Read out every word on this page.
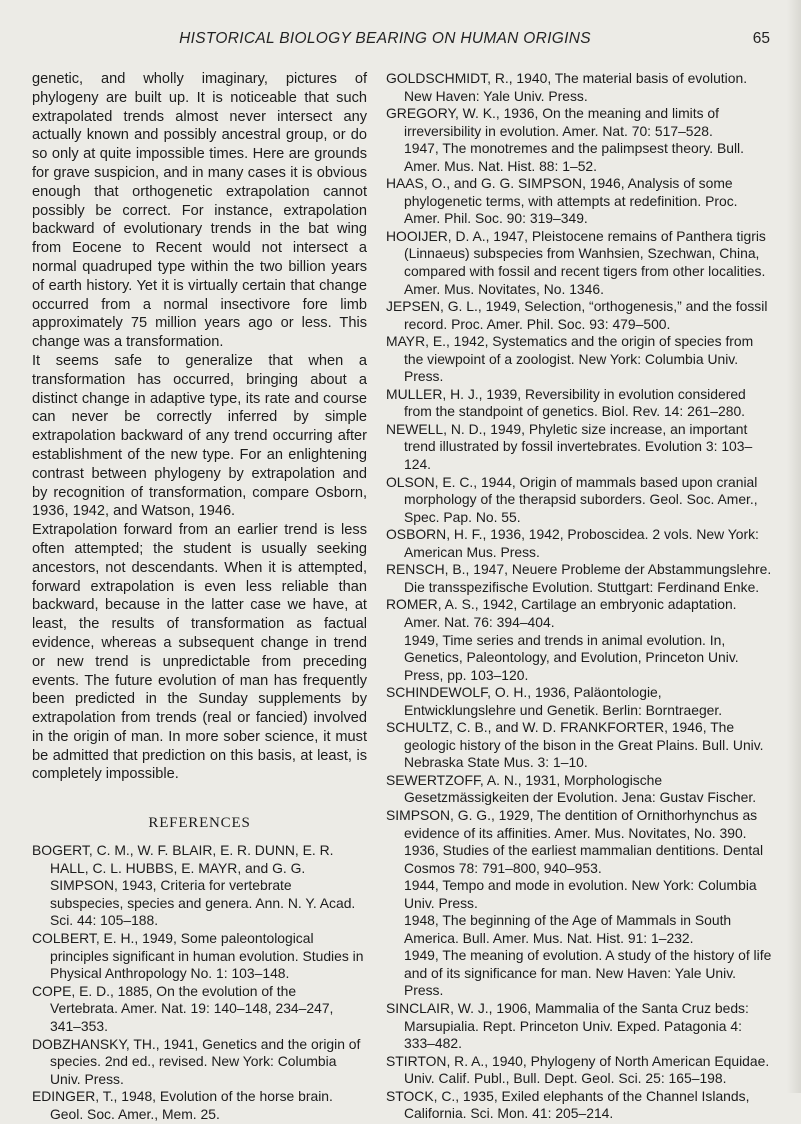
HISTORICAL BIOLOGY BEARING ON HUMAN ORIGINS	65

genetic, and wholly imaginary, pictures of phylogeny are built up. It is noticeable that such extrapolated trends almost never intersect any actually known and possibly ancestral group, or do so only at quite impossible times. Here are grounds for grave suspicion, and in many cases it is obvious enough that orthogenetic extrapolation cannot possibly be correct. For instance, extrapolation backward of evolutionary trends in the bat wing from Eocene to Recent would not intersect a normal quadruped type within the two billion years of earth history. Yet it is virtually certain that change occurred from a normal insectivore fore limb approximately 75 million years ago or less. This change was a transformation.

It seems safe to generalize that when a transformation has occurred, bringing about a distinct change in adaptive type, its rate and course can never be correctly inferred by simple extrapolation backward of any trend occurring after establishment of the new type. For an enlightening contrast between phylogeny by extrapolation and by recognition of transformation, compare Osborn, 1936, 1942, and Watson, 1946.

Extrapolation forward from an earlier trend is less often attempted; the student is usually seeking ancestors, not descendants. When it is attempted, forward extrapolation is even less reliable than backward, because in the latter case we have, at least, the results of transformation as factual evidence, whereas a subsequent change in trend or new trend is unpredictable from preceding events. The future evolution of man has frequently been predicted in the Sunday supplements by extrapolation from trends (real or fancied) involved in the origin of man. In more sober science, it must be admitted that prediction on this basis, at least, is completely impossible.

REFERENCES

BOGERT, C. M., W. F. BLAIR, E. R. DUNN, E. R. HALL, C. L. HUBBS, E. MAYR, and G. G. SIMPSON, 1943, Criteria for vertebrate subspecies, species and genera. Ann. N. Y. Acad. Sci. 44: 105–188.

COLBERT, E. H., 1949, Some paleontological principles significant in human evolution. Studies in Physical Anthropology No. 1: 103–148.

COPE, E. D., 1885, On the evolution of the Vertebrata. Amer. Nat. 19: 140–148, 234–247, 341–353.

DOBZHANSKY, TH., 1941, Genetics and the origin of species. 2nd ed., revised. New York: Columbia Univ. Press.

EDINGER, T., 1948, Evolution of the horse brain. Geol. Soc. Amer., Mem. 25.

GOLDSCHMIDT, R., 1940, The material basis of evolution. New Haven: Yale Univ. Press.

GREGORY, W. K., 1936, On the meaning and limits of irreversibility in evolution. Amer. Nat. 70: 517–528.

1947, The monotremes and the palimpsest theory. Bull. Amer. Mus. Nat. Hist. 88: 1–52.

HAAS, O., and G. G. SIMPSON, 1946, Analysis of some phylogenetic terms, with attempts at redefinition. Proc. Amer. Phil. Soc. 90: 319–349.

HOOIJER, D. A., 1947, Pleistocene remains of Panthera tigris (Linnaeus) subspecies from Wanhsien, Szechwan, China, compared with fossil and recent tigers from other localities. Amer. Mus. Novitates, No. 1346.

JEPSEN, G. L., 1949, Selection, “orthogenesis,” and the fossil record. Proc. Amer. Phil. Soc. 93: 479–500.

MAYR, E., 1942, Systematics and the origin of species from the viewpoint of a zoologist. New York: Columbia Univ. Press.

MULLER, H. J., 1939, Reversibility in evolution considered from the standpoint of genetics. Biol. Rev. 14: 261–280.

NEWELL, N. D., 1949, Phyletic size increase, an important trend illustrated by fossil invertebrates. Evolution 3: 103–124.

OLSON, E. C., 1944, Origin of mammals based upon cranial morphology of the therapsid suborders. Geol. Soc. Amer., Spec. Pap. No. 55.

OSBORN, H. F., 1936, 1942, Proboscidea. 2 vols. New York: American Mus. Press.

RENSCH, B., 1947, Neuere Probleme der Abstammungslehre. Die transspezifische Evolution. Stuttgart: Ferdinand Enke.

ROMER, A. S., 1942, Cartilage an embryonic adaptation. Amer. Nat. 76: 394–404.

1949, Time series and trends in animal evolution. In, Genetics, Paleontology, and Evolution, Princeton Univ. Press, pp. 103–120.

SCHINDEWOLF, O. H., 1936, Paläontologie, Entwicklungslehre und Genetik. Berlin: Borntraeger.

SCHULTZ, C. B., and W. D. FRANKFORTER, 1946, The geologic history of the bison in the Great Plains. Bull. Univ. Nebraska State Mus. 3: 1–10.

SEWERTZOFF, A. N., 1931, Morphologische Gesetzmässigkeiten der Evolution. Jena: Gustav Fischer.

SIMPSON, G. G., 1929, The dentition of Ornithorhynchus as evidence of its affinities. Amer. Mus. Novitates, No. 390.

1936, Studies of the earliest mammalian dentitions. Dental Cosmos 78: 791–800, 940–953.

1944, Tempo and mode in evolution. New York: Columbia Univ. Press.

1948, The beginning of the Age of Mammals in South America. Bull. Amer. Mus. Nat. Hist. 91: 1–232.

1949, The meaning of evolution. A study of the history of life and of its significance for man. New Haven: Yale Univ. Press.

SINCLAIR, W. J., 1906, Mammalia of the Santa Cruz beds: Marsupialia. Rept. Princeton Univ. Exped. Patagonia 4: 333–482.

STIRTON, R. A., 1940, Phylogeny of North American Equidae. Univ. Calif. Publ., Bull. Dept. Geol. Sci. 25: 165–198.

STOCK, C., 1935, Exiled elephants of the Channel Islands, California. Sci. Mon. 41: 205–214.
